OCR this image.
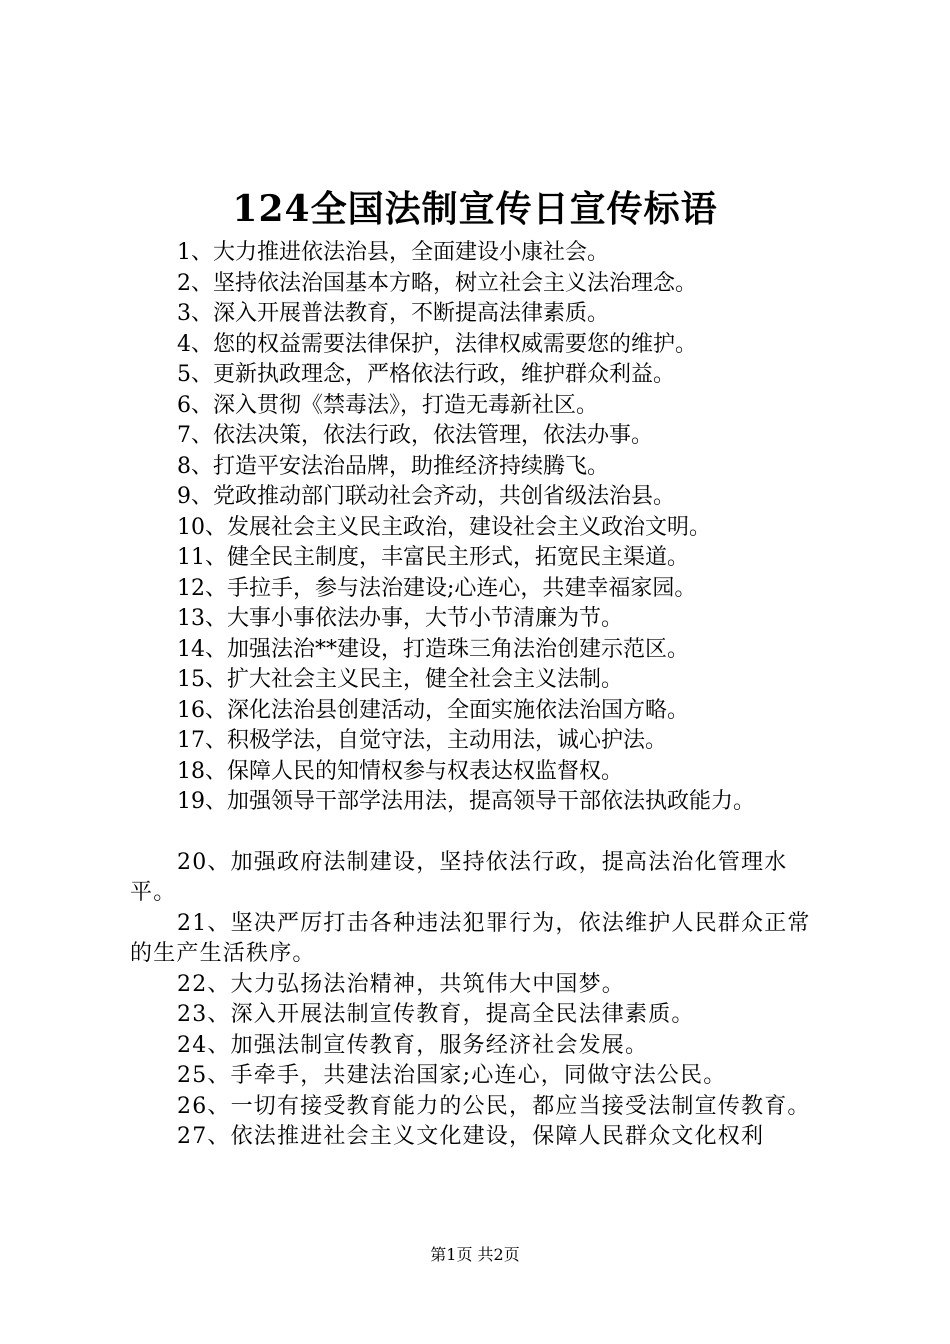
124全国法制宣传日宣传标语
1、大力推进依法治县，全面建设小康社会。
2、坚持依法治国基本方略，树立社会主义法治理念。
3、深入开展普法教育，不断提高法律素质。
4、您的权益需要法律保护，法律权威需要您的维护。
5、更新执政理念，严格依法行政，维护群众利益。
6、深入贯彻《禁毒法》，打造无毒新社区。
7、依法决策，依法行政，依法管理，依法办事。
8、打造平安法治品牌，助推经济持续腾飞。
9、党政推动部门联动社会齐动，共创省级法治县。
10、发展社会主义民主政治，建设社会主义政治文明。
11、健全民主制度，丰富民主形式，拓宽民主渠道。
12、手拉手，参与法治建设;心连心，共建幸福家园。
13、大事小事依法办事，大节小节清廉为节。
14、加强法治**建设，打造珠三角法治创建示范区。
15、扩大社会主义民主，健全社会主义法制。
16、深化法治县创建活动，全面实施依法治国方略。
17、积极学法，自觉守法，主动用法，诚心护法。
18、保障人民的知情权参与权表达权监督权。
19、加强领导干部学法用法，提高领导干部依法执政能力。
20、加强政府法制建设，坚持依法行政，提高法治化管理水平。
21、坚决严厉打击各种违法犯罪行为，依法维护人民群众正常的生产生活秩序。
22、大力弘扬法治精神，共筑伟大中国梦。
23、深入开展法制宣传教育，提高全民法律素质。
24、加强法制宣传教育，服务经济社会发展。
25、手牵手，共建法治国家;心连心，同做守法公民。
26、一切有接受教育能力的公民，都应当接受法制宣传教育。
27、依法推进社会主义文化建设，保障人民群众文化权利
第1页 共2页
